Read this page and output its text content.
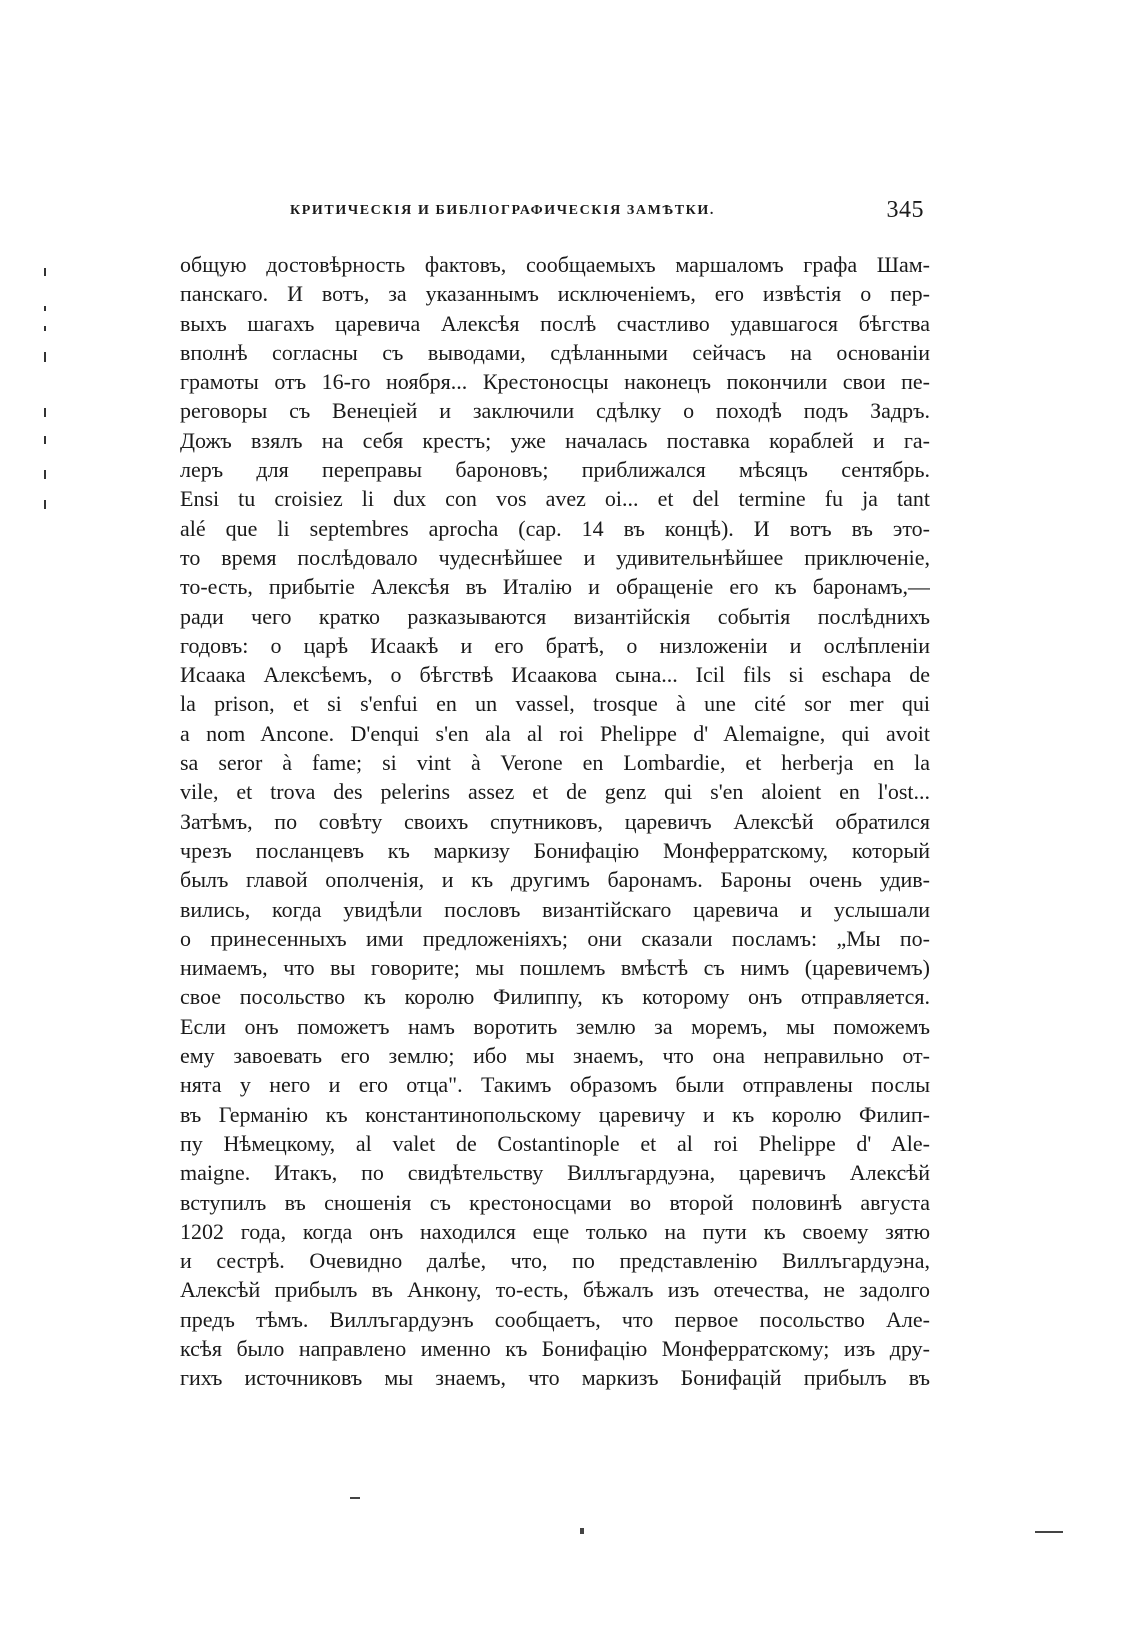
КРИТИЧЕСКІЯ И БИБЛІОГРАФИЧЕСКІЯ ЗАМѢТКИ.	345
общую достовѣрность фактовъ, сообщаемыхъ маршаломъ графа Шам-
панскаго. И вотъ, за указаннымъ исключеніемъ, его извѣстія о пер-
выхъ шагахъ царевича Алексѣя послѣ счастливо удавшагося бѣгства
вполнѣ согласны съ выводами, сдѣланными сейчасъ на основаніи
грамоты отъ 16-го ноября... Крестоносцы наконецъ покончили свои пе-
реговоры съ Венеціей и заключили сдѣлку о походѣ подъ Задръ.
Дожъ взялъ на себя крестъ; уже началась поставка кораблей и га-
леръ для переправы бароновъ; приближался мѣсяцъ сентябрь.
Ensi tu croisiez li dux con vos avez oi... et del termine fu ja tant
alé que li septembres aprocha (cap. 14 въ концѣ). И вотъ въ это-
то время послѣдовало чудеснѣйшее и удивительнѣйшее приключеніе,
то-есть, прибытіе Алексѣя въ Италію и обращеніе его къ баронамъ,—
ради чего кратко разказываются византійскія событія послѣднихъ
годовъ: о царѣ Исаакѣ и его братѣ, о низложеніи и ослѣпленіи
Исаака Алексѣемъ, о бѣгствѣ Исаакова сына... Icil fils si eschapa de
la prison, et si s'enfui en un vassel, trosque à une cité sor mer qui
a nom Ancone. D'enqui s'en ala al roi Phelippe d' Alemaigne, qui avoit
sa seror à fame; si vint à Verone en Lombardie, et herberja en la
vile, et trova des pelerins assez et de genz qui s'en aloient en l'ost...
Затѣмъ, по совѣту своихъ спутниковъ, царевичъ Алексѣй обратился
чрезъ посланцевъ къ маркизу Бонифацію Монферратскому, который
былъ главой ополченія, и къ другимъ баронамъ. Бароны очень удив-
вились, когда увидѣли пословъ византійскаго царевича и услышали
о принесенныхъ ими предложеніяхъ; они сказали посламъ: „Мы по-
нимаемъ, что вы говорите; мы пошлемъ вмѣстѣ съ нимъ (царевичемъ)
свое посольство къ королю Филиппу, къ которому онъ отправляется.
Если онъ поможетъ намъ воротить землю за моремъ, мы поможемъ
ему завоевать его землю; ибо мы знаемъ, что она неправильно от-
нята у него и его отца". Такимъ образомъ были отправлены послы
въ Германію къ константинопольскому царевичу и къ королю Филип-
пу Нѣмецкому, al valet de Costantinople et al roi Phelippe d' Ale-
maigne. Итакъ, по свидѣтельству Виллъгардуэна, царевичъ Алексѣй
вступилъ въ сношенія съ крестоносцами во второй половинѣ августа
1202 года, когда онъ находился еще только на пути къ своему зятю
и сестрѣ. Очевидно далѣе, что, по представленію Виллъгардуэна,
Алексѣй прибылъ въ Анкону, то-есть, бѣжалъ изъ отечества, не задолго
предъ тѣмъ. Виллъгардуэнъ сообщаетъ, что первое посольство Але-
ксѣя было направлено именно къ Бонифацію Монферратскому; изъ дру-
гихъ источниковъ мы знаемъ, что маркизъ Бонифацій прибылъ въ
